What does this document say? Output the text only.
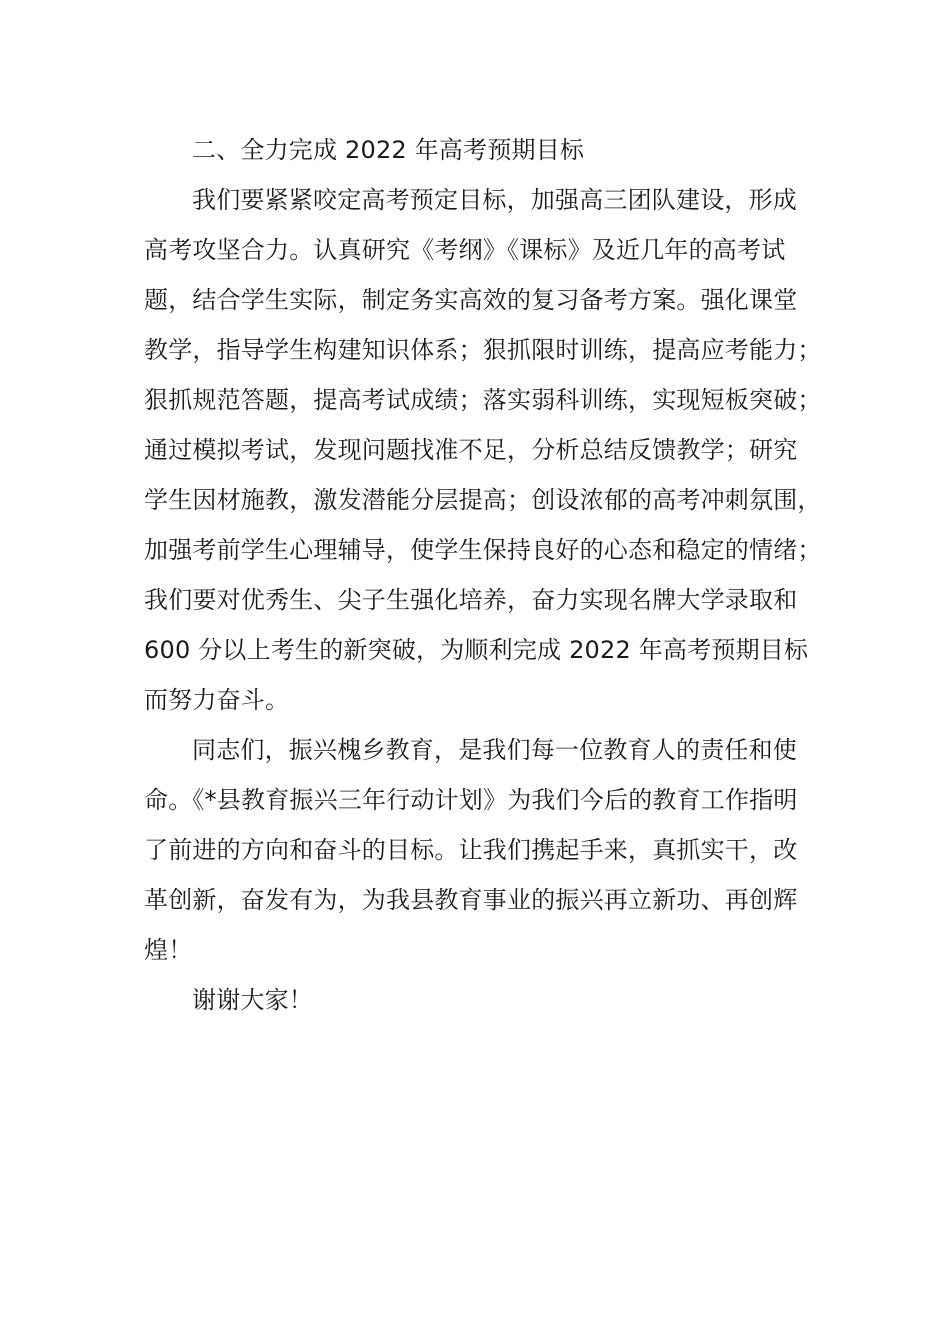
二、全力完成 2022 年高考预期目标
我们要紧紧咬定高考预定目标，加强高三团队建设，形成
高考攻坚合力。认真研究《考纲》《课标》及近几年的高考试
题，结合学生实际，制定务实高效的复习备考方案。强化课堂
教学，指导学生构建知识体系；狠抓限时训练，提高应考能力；
狠抓规范答题，提高考试成绩；落实弱科训练，实现短板突破；
通过模拟考试，发现问题找准不足，分析总结反馈教学；研究
学生因材施教，激发潜能分层提高；创设浓郁的高考冲刺氛围，
加强考前学生心理辅导，使学生保持良好的心态和稳定的情绪；
我们要对优秀生、尖子生强化培养，奋力实现名牌大学录取和
600 分以上考生的新突破，为顺利完成 2022 年高考预期目标
而努力奋斗。
同志们，振兴槐乡教育，是我们每一位教育人的责任和使
命。《*县教育振兴三年行动计划》为我们今后的教育工作指明
了前进的方向和奋斗的目标。让我们携起手来，真抓实干，改
革创新，奋发有为，为我县教育事业的振兴再立新功、再创辉
煌！
谢谢大家！
